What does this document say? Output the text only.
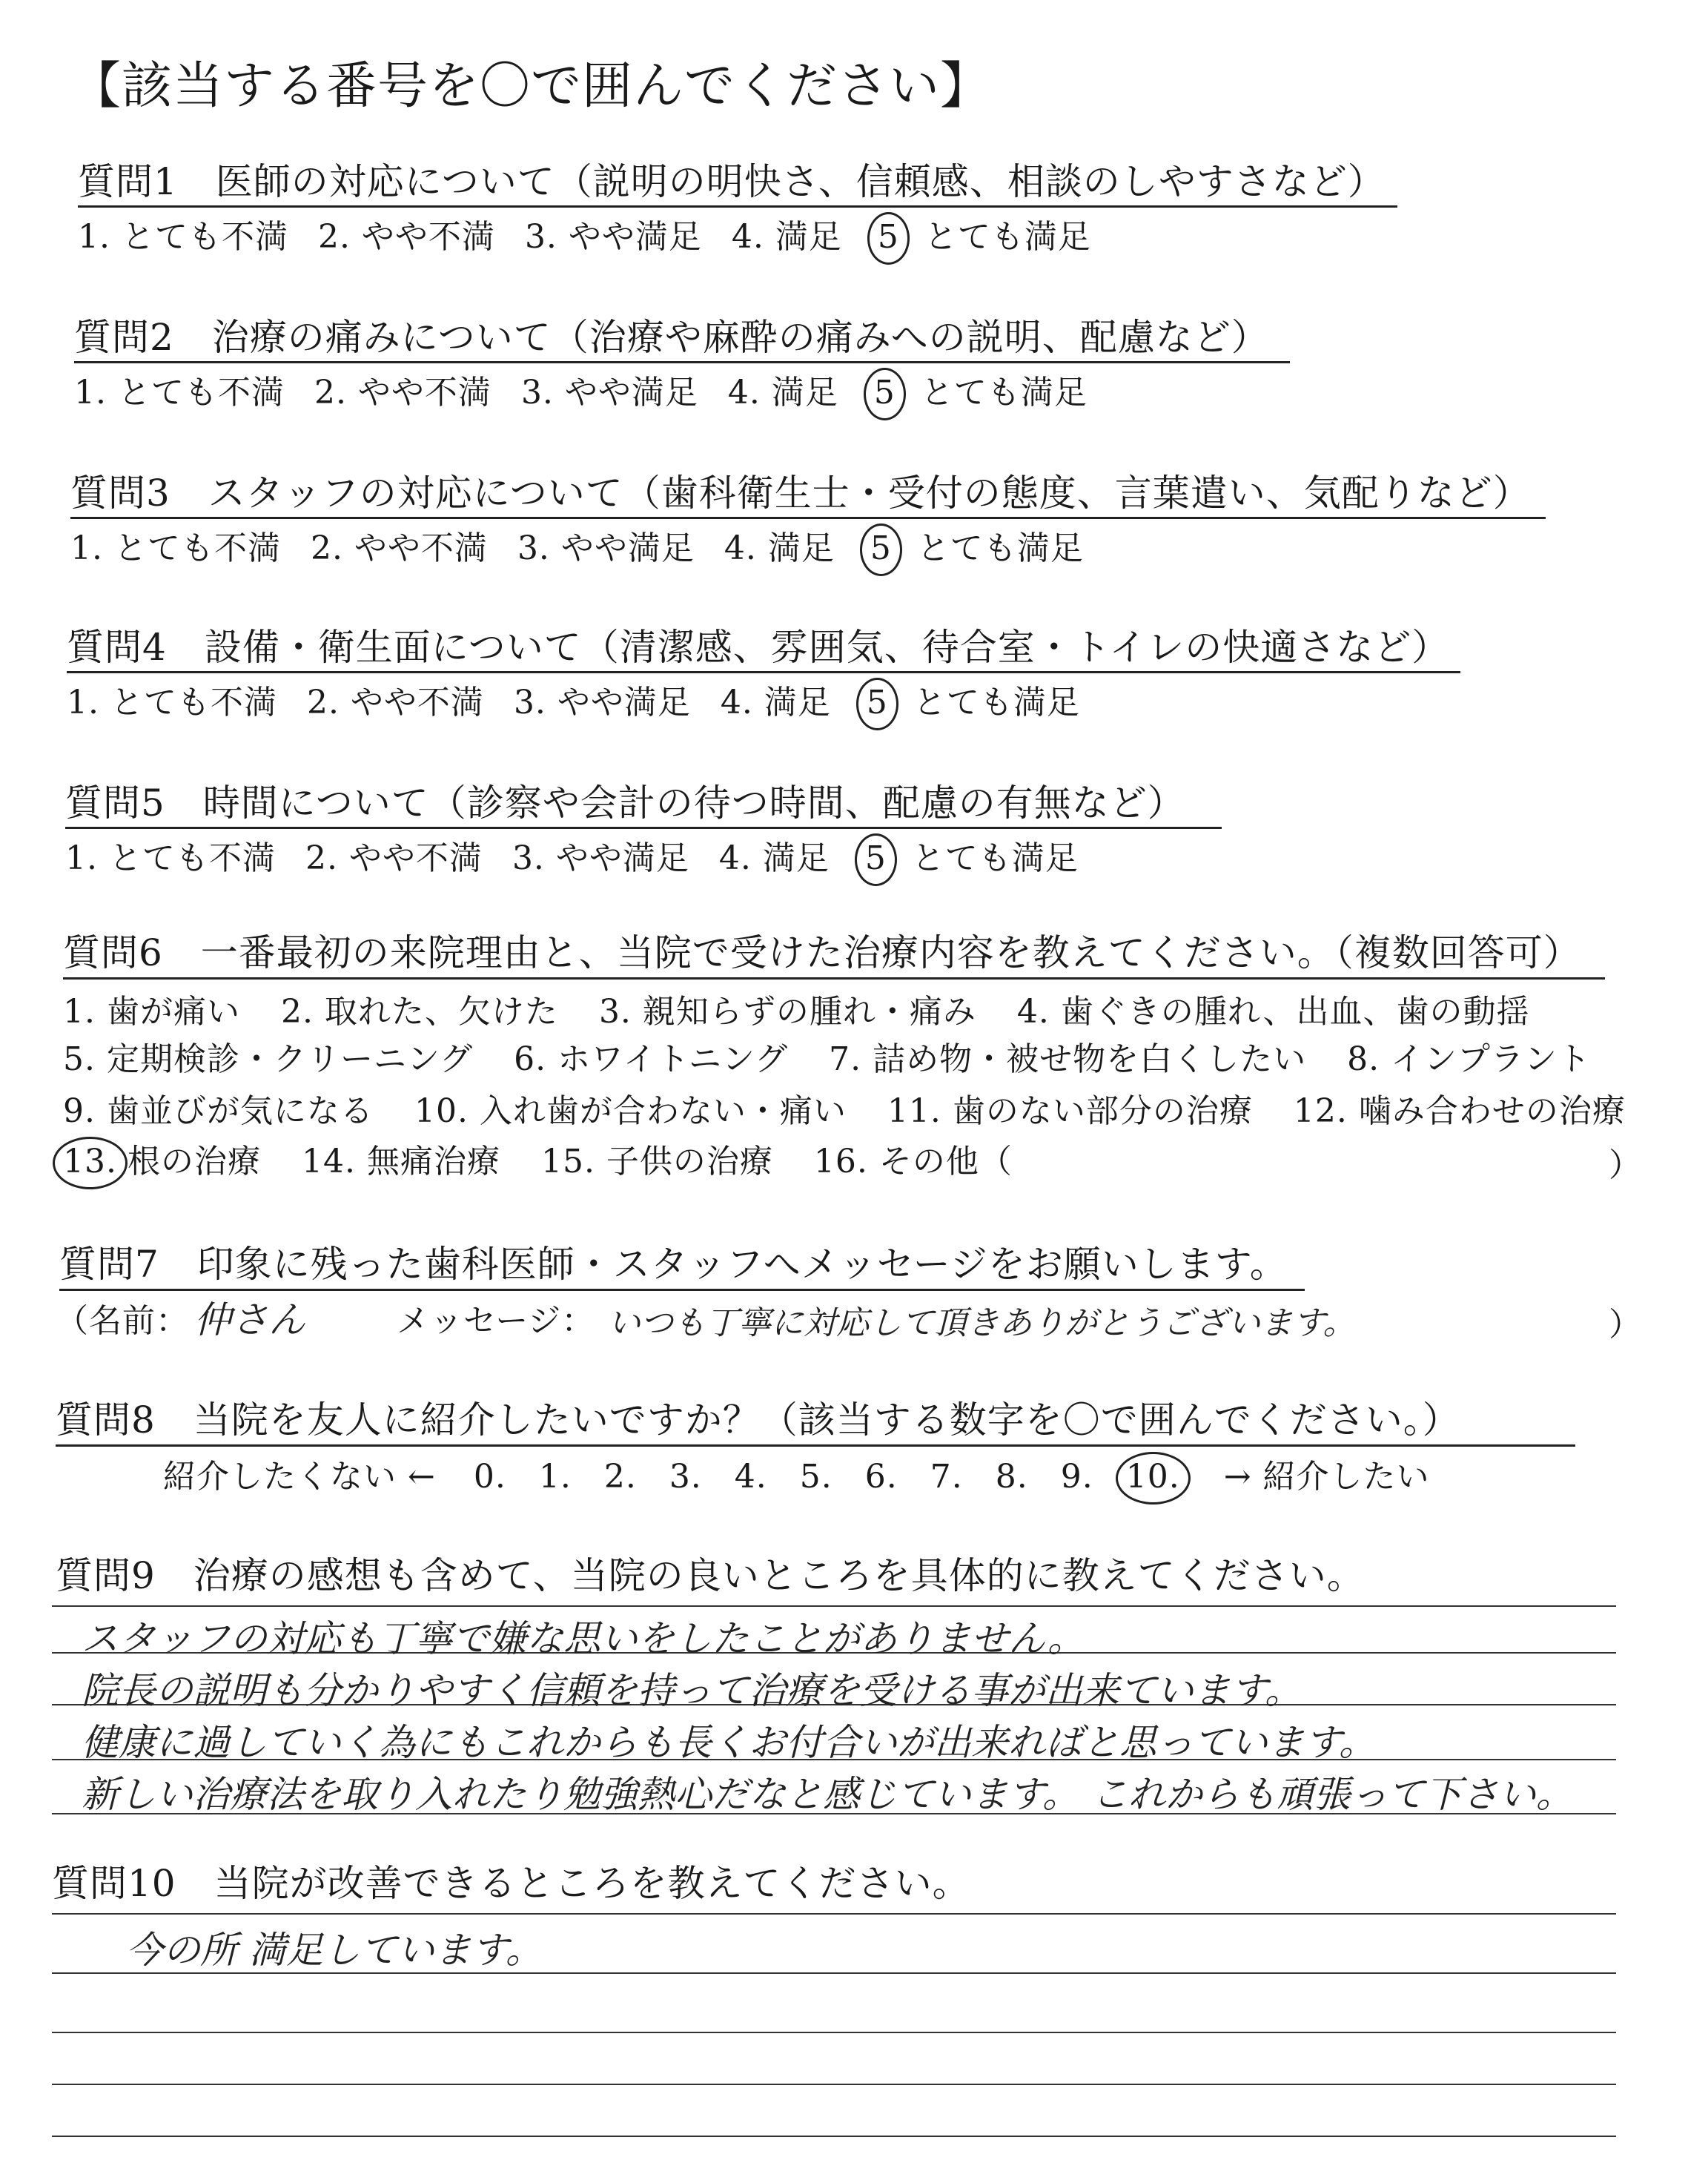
【該当する番号を〇で囲んでください】
質問1　医師の対応について（説明の明快さ、信頼感、相談のしやすさなど）
1. とても不満 2. やや不満 3. やや満足 4. 満足 5 とても満足
質問2　治療の痛みについて（治療や麻酔の痛みへの説明、配慮など）
1. とても不満 2. やや不満 3. やや満足 4. 満足 5 とても満足
質問3　スタッフの対応について（歯科衛生士・受付の態度、言葉遣い、気配りなど）
1. とても不満 2. やや不満 3. やや満足 4. 満足 5 とても満足
質問4　設備・衛生面について（清潔感、雰囲気、待合室・トイレの快適さなど）
1. とても不満 2. やや不満 3. やや満足 4. 満足 5 とても満足
質問5　時間について（診察や会計の待つ時間、配慮の有無など）
1. とても不満 2. やや不満 3. やや満足 4. 満足 5 とても満足
質問6　一番最初の来院理由と、当院で受けた治療内容を教えてください。（複数回答可）
1. 歯が痛い 2. 取れた、欠けた 3. 親知らずの腫れ・痛み 4. 歯ぐきの腫れ、出血、歯の動揺
5. 定期検診・クリーニング 6. ホワイトニング 7. 詰め物・被せ物を白くしたい 8. インプラント
9. 歯並びが気になる 10. 入れ歯が合わない・痛い 11. 歯のない部分の治療 12. 噛み合わせの治療
13. 根の治療 14. 無痛治療 15. 子供の治療 16. その他（	）
質問7　印象に残った歯科医師・スタッフへメッセージをお願いします。
（名前： 仲さん	メッセージ： いつも丁寧に対応して頂きありがとうございます。	）
質問8　当院を友人に紹介したいですか？（該当する数字を〇で囲んでください。）
紹介したくない ← 0. 1. 2. 3. 4. 5. 6. 7. 8. 9. 10. → 紹介したい
質問9　治療の感想も含めて、当院の良いところを具体的に教えてください。
スタッフの対応も丁寧で嫌な思いをしたことがありません。
院長の説明も分かりやすく信頼を持って治療を受ける事が出来ています。
健康に過していく為にもこれからも長くお付合いが出来ればと思っています。
新しい治療法を取り入れたり勉強熱心だなと感じています。 これからも頑張って下さい。
質問10　当院が改善できるところを教えてください。
今の所 満足しています。
